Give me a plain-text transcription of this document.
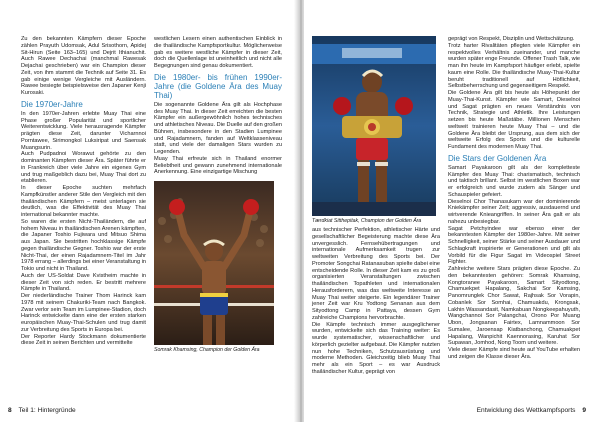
Zu den bekannten Kämpfern dieser Epoche zählen Prayuth Udomsak, Adul Srisothorn, Apidej Sit-Hirun (Seite 163–165) und Dejrit Ithianuchit. Auch Rawee Dechachai (manchmal Rawesak Dejachai geschrieben) war ein Champion dieser Zeit, von ihm stammt die Technik auf Seite 31. Es gab einige wenige Vergleiche mit Ausländern. Rawee besiegte beispielsweise den Japaner Kenji Kurosaki.

Die 1970er-Jahre

In den 1970er-Jahren erlebte Muay Thai eine Phase großer Popularität und sportlicher Weiterentwicklung. Viele herausragende Kämpfer prägten diese Zeit, darunter Vicharnnoi Porntawee, Sirimongkol Luksiripat und Saensak Muangsurin.

Auch Pudpadnoi Worawut gehörte zu den dominanten Kämpfern dieser Ära. Später führte er in Frankreich über viele Jahre ein eigenes Gym und trug maßgeblich dazu bei, Muay Thai dort zu etablieren.

In dieser Epoche suchten mehrfach Kampfkünstler anderer Stile den Vergleich mit den thailändischen Kämpfern – meist unterlagen sie deutlich, was die Effektivität des Muay Thai international bekannter machte.

So waren die ersten Nicht-Thailändern, die auf hohem Niveau in thailändischen Arenen kämpften, die Japaner Toshio Fujiwara und Mitsuo Shima aus Japan. Sie bestritten hochklassige Kämpfe gegen thailändische Gegner. Toshio war der erste Nicht-Thai, der einen Rajadamnern-Titel im Jahr 1978 errang – allerdings bei einer Veranstaltung in Tokio und nicht in Thailand.

Auch der US-Soldat Dave Kvistheim machte in dieser Zeit von sich reden. Er bestritt mehrere Kämpfe in Thailand.

Der niederländische Trainer Thom Harinck kam 1978 mit seinem Chakuriki-Team nach Bangkok. Zwar verlor sein Team im Lumpinee-Stadion, doch Harinck entwickelte dann eine der ersten starken europäischen Muay-Thai-Schulen und trug damit zur Verbreitung des Sports in Europa bei.

Der Reporter Hardy Stockmann dokumentierte diese Zeit in seinen Berichten und vermittelte

westlichen Lesern einen authentischen Einblick in die thailändische Kampfsportkultur. Möglicherweise gab es weitere westliche Kämpfer in dieser Zeit, doch die Quellenlage ist uneinheitlich und nicht alle Begegnungen sind genau dokumentiert.

Die 1980er- bis frühen 1990er-Jahre (die Goldene Ära des Muay Thai)

Die sogenannte Goldene Ära gilt als Hochphase des Muay Thai. In dieser Zeit erreichten die besten Kämpfer ein außergewöhnlich hohes technisches und athletisches Niveau. Die Duelle auf den großen Bühnen, insbesondere in den Stadien Lumpinee und Rajadamnern, fanden auf Weltklasseniveau statt, und viele der damaligen Stars wurden zu Legenden.

Muay Thai erfreute sich in Thailand enormer Beliebtheit und gewann zunehmend internationale Anerkennung. Eine einzigartige Mischung

Somrak Khamsing, Champion der Golden Ära
8 Teil 1: Hintergründe
Tærdkiat Sitthepitak, Champion der Golden Ära

aus technischer Perfektion, athletischer Härte und gesellschaftlicher Begeisterung machte diese Ära unvergesslich. Fernsehübertragungen und internationale Aufmerksamkeit trugen zur weltweiten Verbreitung des Sports bei. Der Promoter Songchai Ratanasuban spielte dabei eine entscheidende Rolle. In dieser Zeit kam es zu groß organisierten Veranstaltungen zwischen thailändischen Topathleten und internationalen Herausforderern, was das weltweite Interesse an Muay Thai weiter steigerte. Ein legendärer Trainer jener Zeit war Kru Yodtong Senanan aus dem Sityodtong Camp in Pattaya, dessen Gym zahlreiche Champions hervorbrachte.

Die Kämpfe technisch immer ausgeglichener wurden, entwickelte sich das Training weiter: Es wurde systematischer, wissenschaftlicher und körperlich gezielter aufgebaut. Die Kämpfer nutzten nun hohe Techniken, Schutzausrüstung und moderne Methoden. Gleichzeitig blieb Muay Thai mehr als ein Sport – es war Ausdruck thailändischer Kultur, geprägt von

geprägt von Respekt, Disziplin und Wettschätzung.

Trotz harter Rivalitäten pflegten viele Kämpfer ein respektvolles Verhältnis zueinander, und manche wurden später enge Freunde. Offener Trash Talk, wie man ihn heute im Kampfsport häufiger erlebt, spielte kaum eine Rolle. Die thailändische Muay-Thai-Kultur beruht traditionell auf Höflichkeit, Selbstbeherrschung und gegenseitigem Respekt.

Die Goldene Ära gilt bis heute als Höhepunkt der Muay-Thai-Kunst. Kämpfer wie Samart, Dieselnoi und Sagat prägten en neues Verständnis von Technik, Strategie und Athletik. Ihre Leistungen setzen bis heute Maßstäbe. Millionen Menschen weltweit trainieren heute Muay Thai – und die Goldene Ära bleibt der Ursprung, aus dem sich der weltweite Erfolg des Sports und die kulturelle Fundament des modernen Muay Thai.

Die Stars der Goldenen Ära

Samart Payakaroon gilt als der kompletteste Kämpfer des Muay Thai: charismatisch, technisch und taktisch brillant. Selbst im westlichen Boxen war er erfolgreich und wurde zudem als Sänger und Schauspieler gefeiert.

Dieselnoi Chor Thanasukarn war der dominierende Kniekämpfer seiner Zeit; aggressiv, ausdauernd und wirtverende Knieangriffen. In seiner Ära galt er als nahezu unbesiegbar.

Sagat Petchyindee war ebenso einer der bekanntesten Kämpfer der 1980er-Jahre. Mit seiner Schnelligkeit, seiner Stärke und seiner Ausdauer und Schlagkraft inspirierte er Generationen und gilt als Vorbild für die Figur Sagat im Videospiel Street Fighter.

Zahlreiche weitere Stars prägten diese Epoche. Zu den bekanntesten gehören: Somrak Khamsing, Kongtoranee Payakaroon, Samart Sityodtong, Chamuekpet Hapalang, Sakchai Sor Kamsing, Panomrunglek Chor Sawat, Rajhsak Sor Vorapin, Cobanlek Sor Somhai, Chamuakdu, Krongsak, Lakhin Wassandasit, Namkabuan Nongkeepahuyuth, Wangchannoi Sor Palangchai, Orono Por Muang Ubon, Jongsanan Fairtex, Lamnammoon Sor Sumalee, Jaroensap Kiatbanchong, Chamuakpet Hapalang, Wanpichit Kaennorasing, Karuhat Sor Supawan, Jomhod, Nong Toom und weitere.

Viele dieser Kämpfe sind heute auf YouTube erhalten und zeigen die Klasse dieser Ära.

Entwicklung des Wettkampfsports 9
